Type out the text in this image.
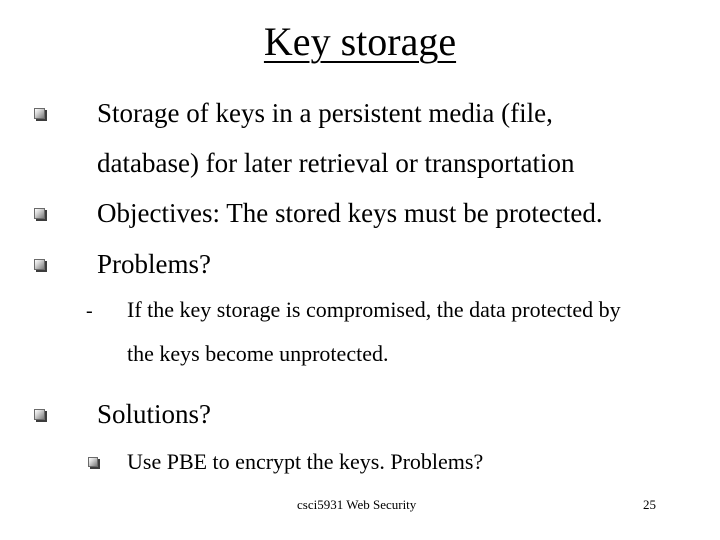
Key storage
Storage of keys in a persistent media (file,
database) for later retrieval or transportation
Objectives: The stored keys must be protected.
Problems?
- If the key storage is compromised, the data protected by
the keys become unprotected.
Solutions?
Use PBE to encrypt the keys. Problems?
csci5931 Web Security	25
